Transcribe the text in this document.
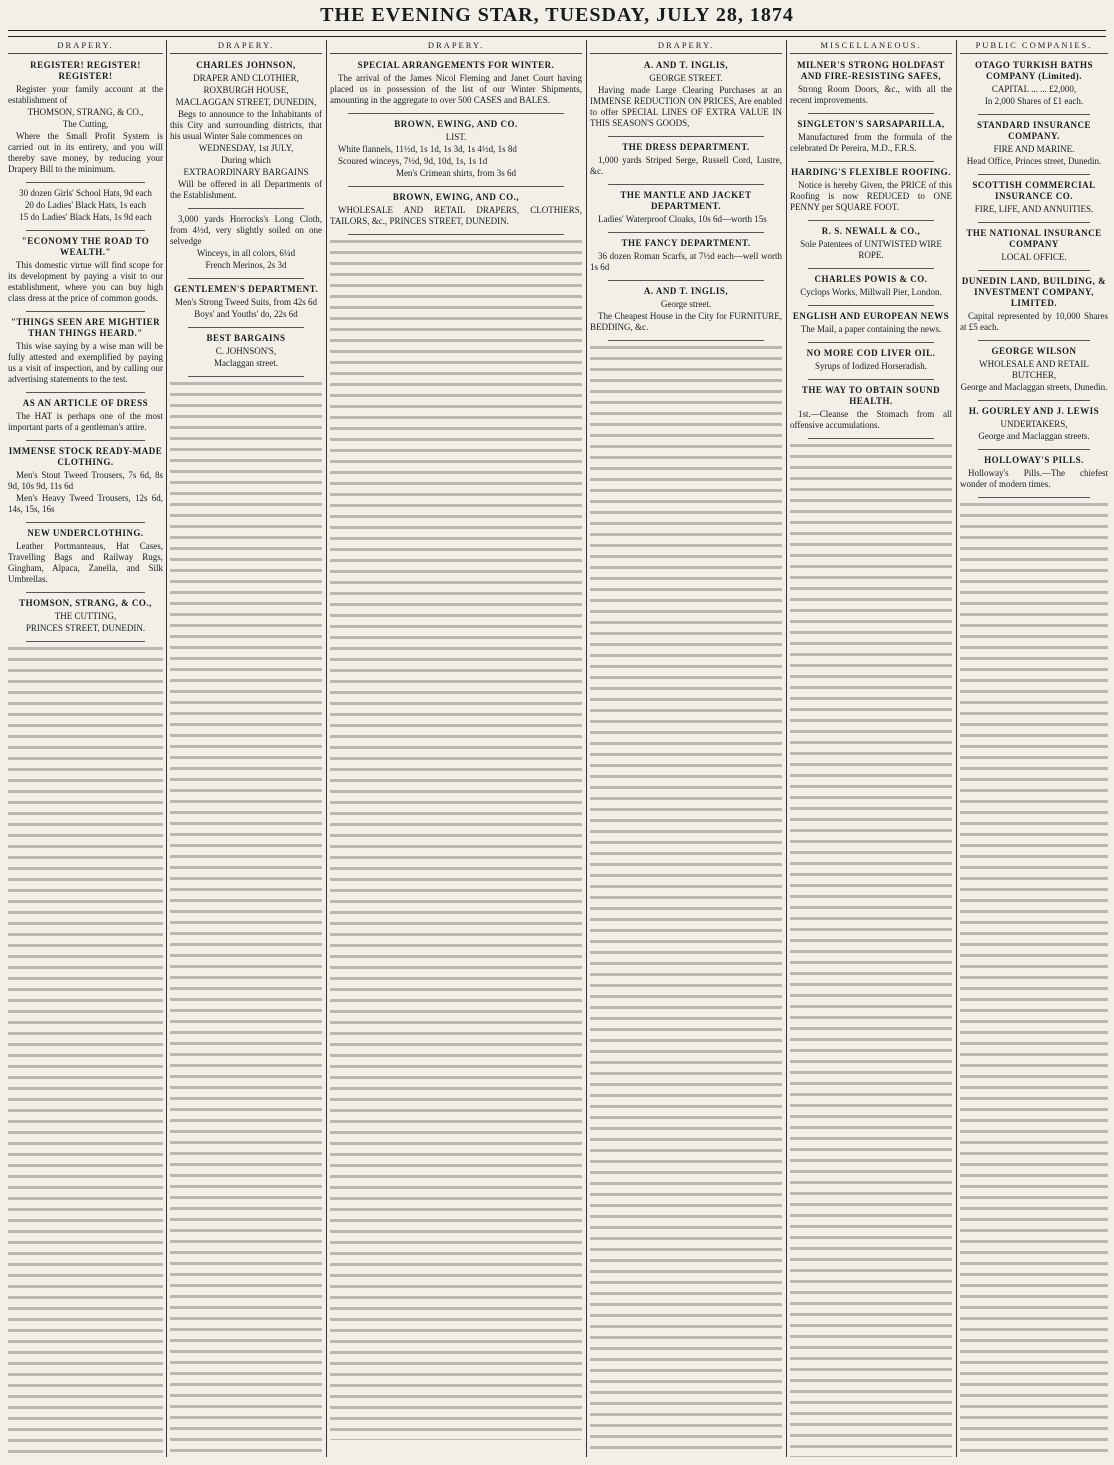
THE EVENING STAR, TUESDAY, JULY 28, 1874
DRAPERY.
REGISTER! REGISTER! REGISTER!

Register your family account at the establishment of

THOMSON, STRANG, & CO.,

The Cutting,

Where the Small Profit System is carried out in its entirety, and you will thereby save money, by reducing your Drapery Bill to the minimum.

30 dozen Girls' School Hats, 9d each

20 do Ladies' Black Hats, 1s each

15 do Ladies' Black Hats, 1s 9d each

"ECONOMY THE ROAD TO WEALTH."

This domestic virtue will find scope for its development by paying a visit to our establishment, where you can buy high class dress at the price of common goods.

"THINGS SEEN ARE MIGHTIER THAN THINGS HEARD."

This wise saying by a wise man will be fully attested and exemplified by paying us a visit of inspection, and by calling our advertising statements to the test.

AS AN ARTICLE OF DRESS

The HAT is perhaps one of the most important parts of a gentleman's attire.

IMMENSE STOCK READY-MADE CLOTHING.

Men's Stout Tweed Trousers, 7s 6d, 8s 9d, 10s 9d, 11s 6d

Men's Heavy Tweed Trousers, 12s 6d, 14s, 15s, 16s

NEW UNDERCLOTHING.

Leather Portmanteaus, Hat Cases, Travelling Bags and Railway Rugs, Gingham, Alpaca, Zanella, and Silk Umbrellas.

THOMSON, STRANG, & CO.,

THE CUTTING,

PRINCES STREET, DUNEDIN.

DRAPERY.
CHARLES JOHNSON,

DRAPER AND CLOTHIER,

ROXBURGH HOUSE,

MACLAGGAN STREET, DUNEDIN,

Begs to announce to the Inhabitants of this City and surrounding districts, that his usual Winter Sale commences on

WEDNESDAY, 1st JULY,

During which

EXTRAORDINARY BARGAINS

Will be offered in all Departments of the Establishment.

3,000 yards Horrocks's Long Cloth, from 4½d, very slightly soiled on one selvedge

Winceys, in all colors, 6¼d

French Merinos, 2s 3d

GENTLEMEN'S DEPARTMENT.

Men's Strong Tweed Suits, from 42s 6d

Boys' and Youths' do, 22s 6d

BEST BARGAINS

C. JOHNSON'S,

Maclaggan street.

DRAPERY.
SPECIAL ARRANGEMENTS FOR WINTER.

The arrival of the James Nicol Fleming and Janet Court having placed us in possession of the list of our Winter Shipments, amounting in the aggregate to over 500 CASES and BALES.

BROWN, EWING, AND CO.

LIST.

White flannels, 11½d, 1s 1d, 1s 3d, 1s 4½d, 1s 8d

Scoured winceys, 7½d, 9d, 10d, 1s, 1s 1d

Men's Crimean shirts, from 3s 6d

BROWN, EWING, AND CO.,

WHOLESALE AND RETAIL DRAPERS, CLOTHIERS, TAILORS, &c., PRINCES STREET, DUNEDIN.

DRAPERY.
A. AND T. INGLIS,

GEORGE STREET.

Having made Large Clearing Purchases at an IMMENSE REDUCTION ON PRICES, Are enabled to offer SPECIAL LINES OF EXTRA VALUE IN THIS SEASON'S GOODS,

THE DRESS DEPARTMENT.

1,000 yards Striped Serge, Russell Cord, Lustre, &c.

THE MANTLE AND JACKET DEPARTMENT.

Ladies' Waterproof Cloaks, 10s 6d—worth 15s

THE FANCY DEPARTMENT.

36 dozen Roman Scarfs, at 7½d each—well worth 1s 6d

A. AND T. INGLIS,

George street.

The Cheapest House in the City for FURNITURE, BEDDING, &c.

MISCELLANEOUS.
MILNER'S STRONG HOLDFAST AND FIRE-RESISTING SAFES,

Strong Room Doors, &c., with all the recent improvements.

SINGLETON'S SARSAPARILLA,

Manufactured from the formula of the celebrated Dr Pereira, M.D., F.R.S.

HARDING'S FLEXIBLE ROOFING.

Notice is hereby Given, the PRICE of this Roofing is now REDUCED to ONE PENNY per SQUARE FOOT.

R. S. NEWALL & CO.,

Sole Patentees of UNTWISTED WIRE ROPE.

CHARLES POWIS & CO.

Cyclops Works, Millwall Pier, London.

ENGLISH AND EUROPEAN NEWS

The Mail, a paper containing the news.

NO MORE COD LIVER OIL.

Syrups of Iodized Horseradish.

THE WAY TO OBTAIN SOUND HEALTH.

1st.—Cleanse the Stomach from all offensive accumulations.

PUBLIC COMPANIES.
OTAGO TURKISH BATHS COMPANY (Limited).

CAPITAL ... ... £2,000,

In 2,000 Shares of £1 each.

STANDARD INSURANCE COMPANY.

FIRE AND MARINE.

Head Office, Princes street, Dunedin.

SCOTTISH COMMERCIAL INSURANCE CO.

FIRE, LIFE, AND ANNUITIES.

THE NATIONAL INSURANCE COMPANY

LOCAL OFFICE.

DUNEDIN LAND, BUILDING, & INVESTMENT COMPANY, LIMITED.

Capital represented by 10,000 Shares at £5 each.

GEORGE WILSON

WHOLESALE AND RETAIL BUTCHER,

George and Maclaggan streets, Dunedin.

H. GOURLEY AND J. LEWIS

UNDERTAKERS,

George and Maclaggan streets.

HOLLOWAY'S PILLS.

Holloway's Pills.—The chiefest wonder of modern times.
